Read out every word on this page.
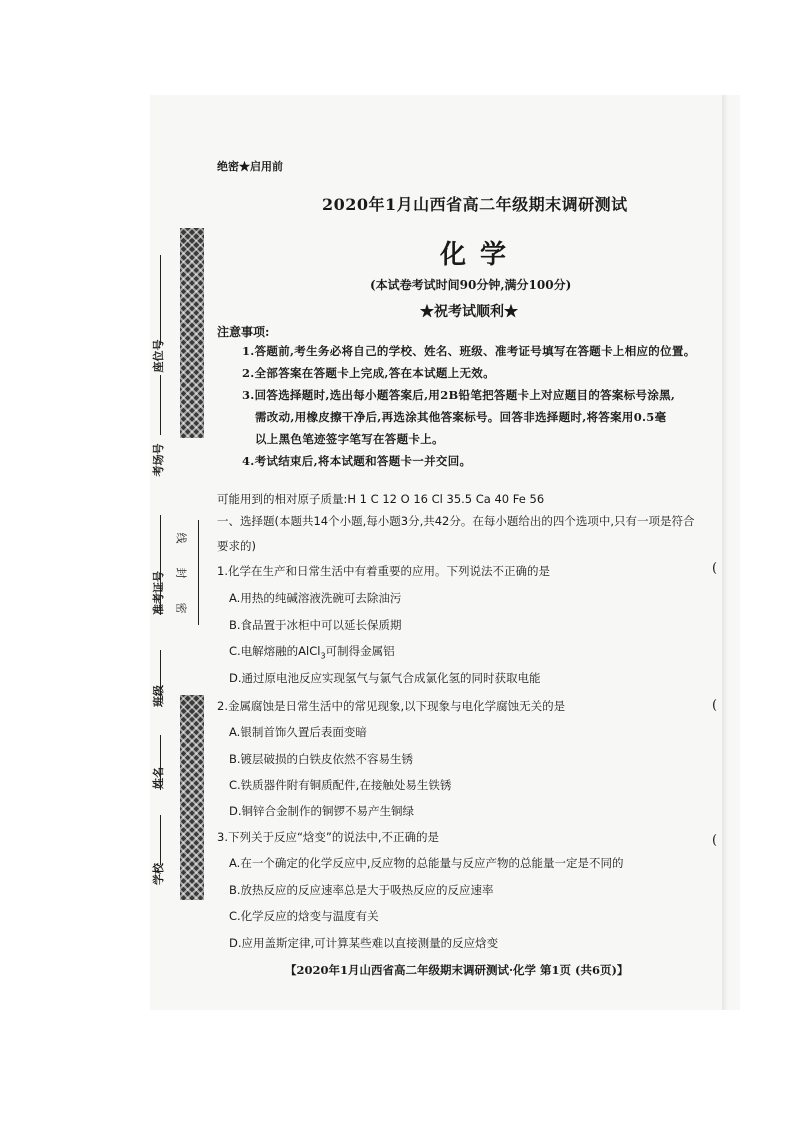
座位号
考场号
准考证号
班级
姓名
学校
线
封
密
绝密★启用前
2020年1月山西省高二年级期末调研测试
化学
(本试卷考试时间90分钟,满分100分)
★祝考试顺利★
注意事项:
1.答题前,考生务必将自己的学校、姓名、班级、准考证号填写在答题卡上相应的位置。
2.全部答案在答题卡上完成,答在本试题上无效。
3.回答选择题时,选出每小题答案后,用2B铅笔把答题卡上对应题目的答案标号涂黑,
需改动,用橡皮擦干净后,再选涂其他答案标号。回答非选择题时,将答案用0.5毫
以上黑色笔迹签字笔写在答题卡上。
4.考试结束后,将本试题和答题卡一并交回。
可能用到的相对原子质量:H 1 C 12 O 16 Cl 35.5 Ca 40 Fe 56
一、选择题(本题共14个小题,每小题3分,共42分。在每小题给出的四个选项中,只有一项是符合
要求的)
1.化学在生产和日常生活中有着重要的应用。下列说法不正确的是	(
A.用热的纯碱溶液洗碗可去除油污
B.食品置于冰柜中可以延长保质期
C.电解熔融的AlCl$_3$可制得金属铝
D.通过原电池反应实现氢气与氯气合成氯化氢的同时获取电能
2.金属腐蚀是日常生活中的常见现象,以下现象与电化学腐蚀无关的是	(
A.银制首饰久置后表面变暗
B.镀层破损的白铁皮依然不容易生锈
C.铁质器件附有铜质配件,在接触处易生铁锈
D.铜锌合金制作的铜锣不易产生铜绿
3.下列关于反应“焓变”的说法中,不正确的是	(
A.在一个确定的化学反应中,反应物的总能量与反应产物的总能量一定是不同的
B.放热反应的反应速率总是大于吸热反应的反应速率
C.化学反应的焓变与温度有关
D.应用盖斯定律,可计算某些难以直接测量的反应焓变
【2020年1月山西省高二年级期末调研测试·化学 第1页 (共6页)】
